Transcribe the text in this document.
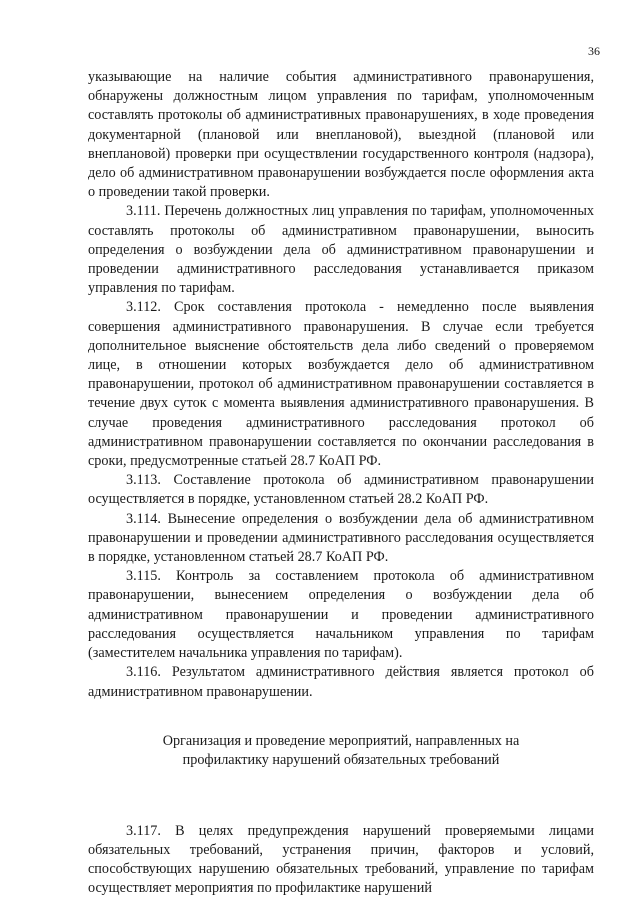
36

указывающие на наличие события административного правонарушения, обнаружены должностным лицом управления по тарифам, уполномоченным составлять протоколы об административных правонарушениях, в ходе проведения документарной (плановой или внеплановой), выездной (плановой или внеплановой) проверки при осуществлении государственного контроля (надзора), дело об административном правонарушении возбуждается после оформления акта о проведении такой проверки.

3.111. Перечень должностных лиц управления по тарифам, уполномоченных составлять протоколы об административном правонарушении, выносить определения о возбуждении дела об административном правонарушении и проведении административного расследования устанавливается приказом управления по тарифам.

3.112. Срок составления протокола - немедленно после выявления совершения административного правонарушения. В случае если требуется дополнительное выяснение обстоятельств дела либо сведений о проверяемом лице, в отношении которых возбуждается дело об административном правонарушении, протокол об административном правонарушении составляется в течение двух суток с момента выявления административного правонарушения. В случае проведения административного расследования протокол об административном правонарушении составляется по окончании расследования в сроки, предусмотренные статьей 28.7 КоАП РФ.

3.113. Составление протокола об административном правонарушении осуществляется в порядке, установленном статьей 28.2 КоАП РФ.

3.114. Вынесение определения о возбуждении дела об административном правонарушении и проведении административного расследования осуществляется в порядке, установленном статьей 28.7 КоАП РФ.

3.115. Контроль за составлением протокола об административном правонарушении, вынесением определения о возбуждении дела об административном правонарушении и проведении административного расследования осуществляется начальником управления по тарифам (заместителем начальника управления по тарифам).

3.116. Результатом административного действия является протокол об административном правонарушении.

Организация и проведение мероприятий, направленных на
профилактику нарушений обязательных требований

3.117. В целях предупреждения нарушений проверяемыми лицами обязательных требований, устранения причин, факторов и условий, способствующих нарушению обязательных требований, управление по тарифам осуществляет мероприятия по профилактике нарушений
